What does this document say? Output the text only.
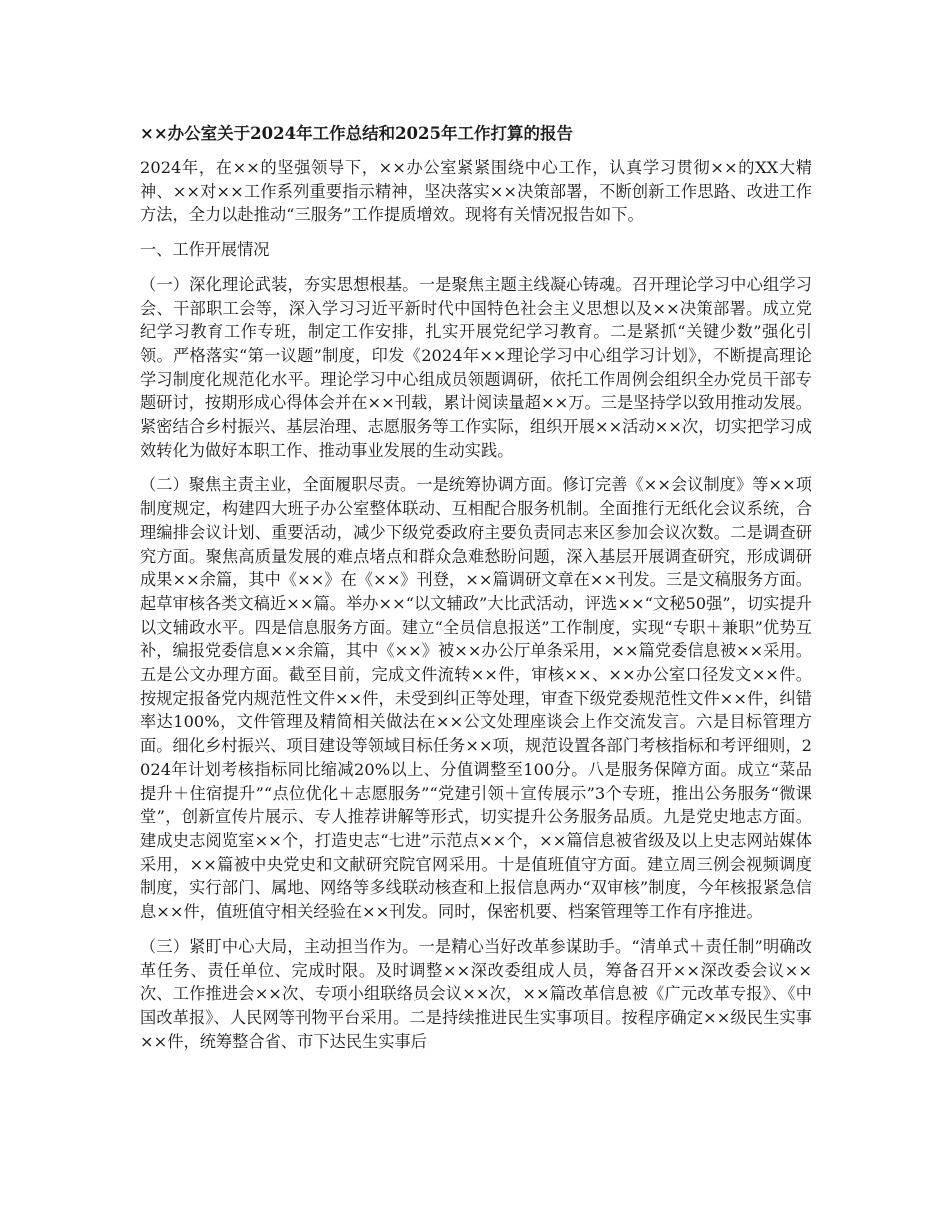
××办公室关于2024年工作总结和2025年工作打算的报告

2024年，在××的坚强领导下，××办公室紧紧围绕中心工作，认真学习贯彻××的XX大精神、××对××工作系列重要指示精神，坚决落实××决策部署，不断创新工作思路、改进工作方法，全力以赴推动“三服务”工作提质增效。现将有关情况报告如下。

一、工作开展情况

（一）深化理论武装，夯实思想根基。一是聚焦主题主线凝心铸魂。召开理论学习中心组学习会、干部职工会等，深入学习习近平新时代中国特色社会主义思想以及××决策部署。成立党纪学习教育工作专班，制定工作安排，扎实开展党纪学习教育。二是紧抓“关键少数”强化引领。严格落实“第一议题”制度，印发《2024年××理论学习中心组学习计划》，不断提高理论学习制度化规范化水平。理论学习中心组成员领题调研，依托工作周例会组织全办党员干部专题研讨，按期形成心得体会并在××刊载，累计阅读量超××万。三是坚持学以致用推动发展。紧密结合乡村振兴、基层治理、志愿服务等工作实际，组织开展××活动××次，切实把学习成效转化为做好本职工作、推动事业发展的生动实践。

（二）聚焦主责主业，全面履职尽责。一是统筹协调方面。修订完善《××会议制度》等××项制度规定，构建四大班子办公室整体联动、互相配合服务机制。全面推行无纸化会议系统，合理编排会议计划、重要活动，减少下级党委政府主要负责同志来区参加会议次数。二是调查研究方面。聚焦高质量发展的难点堵点和群众急难愁盼问题，深入基层开展调查研究，形成调研成果××余篇，其中《××》在《××》刊登，××篇调研文章在××刊发。三是文稿服务方面。起草审核各类文稿近××篇。举办××“以文辅政”大比武活动，评选××“文秘50强”，切实提升以文辅政水平。四是信息服务方面。建立“全员信息报送”工作制度，实现“专职＋兼职”优势互补，编报党委信息××余篇，其中《××》被××办公厅单条采用，××篇党委信息被××采用。五是公文办理方面。截至目前，完成文件流转××件，审核××、××办公室口径发文××件。按规定报备党内规范性文件××件，未受到纠正等处理，审查下级党委规范性文件××件，纠错率达100%，文件管理及精简相关做法在××公文处理座谈会上作交流发言。六是目标管理方面。细化乡村振兴、项目建设等领域目标任务××项，规范设置各部门考核指标和考评细则，2024年计划考核指标同比缩减20%以上、分值调整至100分。八是服务保障方面。成立“菜品提升＋住宿提升”“点位优化＋志愿服务”“党建引领＋宣传展示”3个专班，推出公务服务“微课堂”，创新宣传片展示、专人推荐讲解等形式，切实提升公务服务品质。九是党史地志方面。建成史志阅览室××个，打造史志“七进”示范点××个，××篇信息被省级及以上史志网站媒体采用，××篇被中央党史和文献研究院官网采用。十是值班值守方面。建立周三例会视频调度制度，实行部门、属地、网络等多线联动核查和上报信息两办“双审核”制度，今年核报紧急信息××件，值班值守相关经验在××刊发。同时，保密机要、档案管理等工作有序推进。

（三）紧盯中心大局，主动担当作为。一是精心当好改革参谋助手。“清单式＋责任制”明确改革任务、责任单位、完成时限。及时调整××深改委组成人员，筹备召开××深改委会议××次、工作推进会××次、专项小组联络员会议××次，××篇改革信息被《广元改革专报》、《中国改革报》、人民网等刊物平台采用。二是持续推进民生实事项目。按程序确定××级民生实事××件，统筹整合省、市下达民生实事后
